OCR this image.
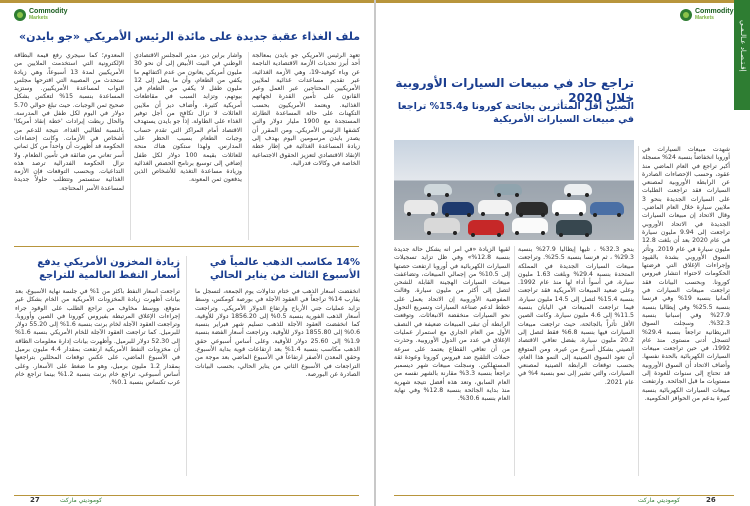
Commodity
Markets
ملف الغذاء عقبة جديدة على مائدة الرئيس الأمريكي «جو بايدن»
تعهد الرئيس الأمريكي جو بايدن بمعالجة أحد أبرز تحديات الأزمة الاقتصادية الناجمة عن وباء كوفيد-19، وهي الأزمة الغذائية، عبر تقديم مساعدات غذائية لملايين الأمريكيين المحتاجين عبر العمل وعبر القانون على تأمين القدرة لجهاتهم الغذائية. ويعتمد الأمريكيون بحسب التكهنات على حالة المساعدة الطارئة المستجدة مع 1900 مليار دولار والتي كشفها الرئيس الأمريكي. ومن المقرر أن يصدر بايدن مرسومين اليوم بهدف إلى زيادة المساعدة الغذائية في إطار خطة الإنقاذ الاقتصادي لتعزيز الحقوق الاجتماعية الخاصة في وكالات فدرالية.
وأشار براين ديز، مدير المجلس الاقتصادي الوطني في البيت الأبيض إلى أن نحو 30 مليون أمريكي يعانون من عدم اكتفائهم ما يكفي من الطعام، وأن ما يصل إلى 12 مليون طفل لا يكفي من الطعام في بيوتهم، وتزايد السبب في مقاطعات أمريكية كثيرة. وأضاف ديز أن ملايين العائلات لا تزال تكافح من أجل توفير الغذاء على الطاولة. إذاً جو بايدن يستهدف الاقتصاد أمام المراكز التي تقدم حساب وجبات الطعام بسبب الحظر على المدارس. ولهذا ستكون هناك منحة للعائلات بقيمة 100 دولار لكل طفل إضافي إلى توسيع برنامج الحصص الغذائية وزيادة مساعدة التغذية للأشخاص الذين يدفعون ثمن المعونة.
المعدوم؛ كما سيجري رفع قيمة البطاقة الإلكترونية التي استخدمت الملايين من الأمريكيين لمدة 13 أسبوعاً، وهي زيادة ستحدث من المصيبة التي اقترحها مجلس النواب لمساعدة الأمريكيين. وستزيد المساعدة بنسبة 15% لتعكس بشكل صحيح ثمن الوجبات. حيث تبلغ حوالي 5.70 دولار في اليوم لكل طفل في المدرسة. والحال ربطت إيرادات 'خطة إنقاذ أمريكا' بالنسبة لطالبي الغذاء، نتيجة للدعم من أشخاص في الأزمات. وكانت إحصاءات الحكومة قد أظهرت أن واحداً من كل ثماني أسر تعاني من ضائقة في تأمين الطعام. ولا تزال الحكومة الفدرالية ترصد هذه التداعيات. وبحسب التوقعات فإن الأزمة الغذائية ستستمر وتتطلب حلولاً جديدة لمساعدة الأسر المحتاجة.
14% مكاسب الذهب عالمياً في الأسبوع الثالث من يناير الحالي
انخفضت أسعار الذهب في ختام تداولات يوم الجمعة، لتسجل ما يقارب 14% تراجعاً في العقود الآجلة في بورصة كومكس، وسط تزايد عمليات جني الأرباح وارتفاع الدولار الأمريكي. وتراجعت أسعار الذهب الفورية بنسبة 0.5% إلى 1856.20 دولار للأوقية. كما انخفضت العقود الآجلة للذهب تسليم شهر فبراير بنسبة 0.6% إلى 1855.80 دولار للأوقية. وتراجعت أسعار الفضة بنسبة 1.9% إلى 25.60 دولار للأوقية. وعلى أساس أسبوعي حقق الذهب مكاسب بنسبة 1.4% بعد ارتفاعات قوية بداية الأسبوع. وحقق المعدن الأصفر ارتفاعاً في الأسبوع الماضي بعد موجة من التراجعات في الأسبوع الثاني من يناير الحالي، بحسب البيانات الصادرة عن البورصة.
زيادة المخزون الأمريكي يدفع أسعار النفط العالمية للتراجع
تراجعت أسعار النفط بأكثر من 1% في جلسة نهاية الأسبوع، بعد بيانات أظهرت زيادة المخزونات الأمريكية من الخام بشكل غير متوقع، ووسط مخاوف من تراجع الطلب على الوقود جراء إجراءات الإغلاق المرتبطة بفيروس كورونا في الصين وأوروبا. وتراجعت العقود الآجلة لخام برنت بنسبة 1.6% إلى 55.20 دولار للبرميل. كما تراجعت العقود الآجلة للخام الأمريكي بنسبة 1.6% إلى 52.30 دولار للبرميل. وأظهرت بيانات إدارة معلومات الطاقة أن مخزونات النفط الأمريكية ارتفعت بمقدار 4.4 مليون برميل في الأسبوع الماضي، على عكس توقعات المحللين بتراجعها بمقدار 1.2 مليون برميل، وهو ما ضغط على الأسعار. وعلى أساس أسبوعي، تراجع خام برنت بنسبة 1.2% بينما تراجع خام غرب تكساس بنسبة 0.1%.
27	كوموديتي ماركت
إقـتـصـاد عـالـمـي
Commodity
Markets
تراجع حاد في مبيعات السيارات الأوروبية خلال 2020
الصين أقل المتأثرين بجائحة كورونا و15.4% تراجعا في مبيعات السيارات الأمريكية
شهدت مبيعات السيارات في أوروبا انخفاضاً بنسبة 24% مسجلة أكبر تراجع في العام الماضي منذ عقود، وحسب الإحصاءات الصادرة عن الرابطة الأوروبية لمصنعي السيارات فقد تراجعت الطلبات على السيارات الجديدة بنحو 3 ملايين سيارة خلال العام الماضي. وقال الاتحاد إن مبيعات السيارات الجديدة في الاتحاد الأوروبي تراجعت إلى 9.94 مليون سيارة في عام 2020 بعد أن بلغت 12.8 مليون سيارة في عام 2019. وتأثر السوق الأوروبي بشدة بالقيود وإجراءات الإغلاق التي فرضتها الحكومات لاحتواء انتشار فيروس كورونا. وبحسب البيانات فقد تراجعت مبيعات السيارات في ألمانيا بنسبة 19% وفي فرنسا بنسبة 25.5% وفي إيطاليا بنسبة 27.9% وفي إسبانيا بنسبة 32.3%. وسجلت السوق البريطانية تراجعاً بنسبة 29.4% لتسجل أدنى مستوى منذ عام 1992، في حين تراجعت مبيعات السيارات الكهربائية بالحدة نفسها. وأضاف الاتحاد أن السوق الأوروبية قد تحتاج إلى سنوات للعودة إلى مستويات ما قبل الجائحة. وارتفعت مبيعات السيارات الكهربائية بنسبة كبيرة بدعم من الحوافز الحكومية.
بنحو 32.3% ، تليها إيطاليا 27.9% بنسبة 29.3% ، ثم فرنسا بنسبة 25.5%. وتراجعت مبيعات السيارات الجديدة في المملكة المتحدة بنسبة 29.4% وبلغت 1.63 مليون سيارة، في أسوأ أداء لها منذ عام 1992. وعلى صعيد المبيعات الأمريكية فقد تراجعت بنسبة 15.4% لتصل إلى 14.5 مليون سيارة، فيما تراجعت المبيعات في اليابان بنسبة 11.5% إلى 4.6 مليون سيارة. وكانت الصين الأقل تأثراً بالجائحة، حيث تراجعت مبيعات السيارات فيها بنسبة 6.8% فقط لتصل إلى 20.2 مليون سيارة، بفضل تعافي الاقتصاد الصيني بشكل أسرع من غيره. ومن المتوقع أن تعود السوق الصينية إلى النمو هذا العام، بحسب توقعات الرابطة الصينية لمصنعي السيارات، والتي تشير إلى نمو بنسبة 4% في عام 2021.
لقيها الزيادة «في أمر أنه يشكل حالة جديدة بنسبة 12.8%» وفي ظل تزايد تسجيلات السيارات الكهربائية في أوروبا ارتفعت حصتها إلى 10.5% من إجمالي المبيعات، وتضاعفت مبيعات السيارات الهجينة القابلة للشحن لتصل إلى أكثر من مليون سيارة. وقالت المفوضية الأوروبية إن الاتحاد يعمل على خطط لدعم صناعة السيارات وتسريع التحول نحو السيارات منخفضة الانبعاثات. وتوقعت الرابطة أن تبقى المبيعات ضعيفة في النصف الأول من العام الجاري مع استمرار عمليات الإغلاق في عدد من الدول الأوروبية. وحذرت من أن تعافي القطاع يعتمد على سرعة حملات التلقيح ضد فيروس كورونا وعودة ثقة المستهلكين. وسجلت مبيعات شهر ديسمبر تراجعاً بنسبة 3.3% مقارنة بالشهر نفسه من العام السابق، وتعد هذه أفضل نتيجة شهرية منذ بداية الجائحة بنسبة 12.8% وفي نهاية العام بنسبة 30.6%.
26
كوموديتي ماركت
